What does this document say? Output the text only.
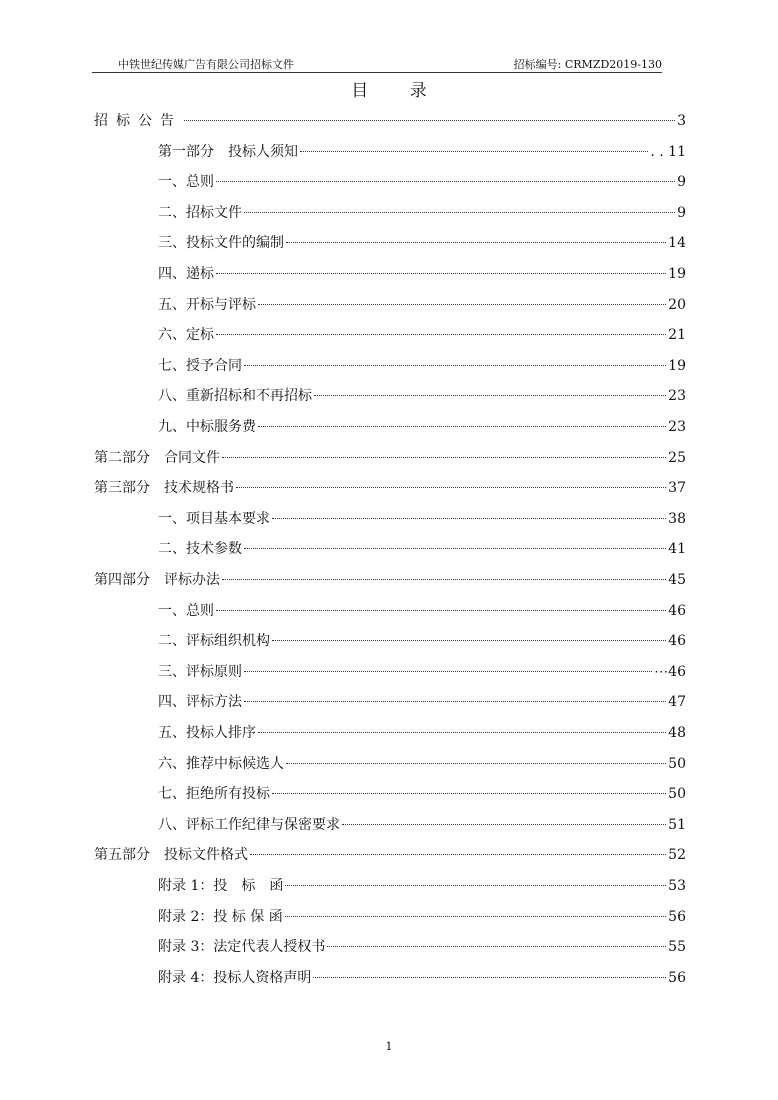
中铁世纪传媒广告有限公司招标文件	招标编号: CRMZD2019-130
目 录
招标公告	3
第一部分　投标人须知	. . 11
一、总则	9
二、招标文件	9
三、投标文件的编制	14
四、递标	19
五、开标与评标	20
六、定标	21
七、授予合同	19
八、重新招标和不再招标	23
九、中标服务费	23
第二部分　合同文件	25
第三部分　技术规格书	37
一、项目基本要求	38
二、技术参数	41
第四部分　评标办法	45
一、总则	46
二、评标组织机构	46
三、评标原则	⋯46
四、评标方法	47
五、投标人排序	48
六、推荐中标候选人	50
七、拒绝所有投标	50
八、评标工作纪律与保密要求	51
第五部分　投标文件格式	52
附录 1：投　标　函	53
附录 2：投 标 保 函	56
附录 3：法定代表人授权书	55
附录 4：投标人资格声明	56
1
